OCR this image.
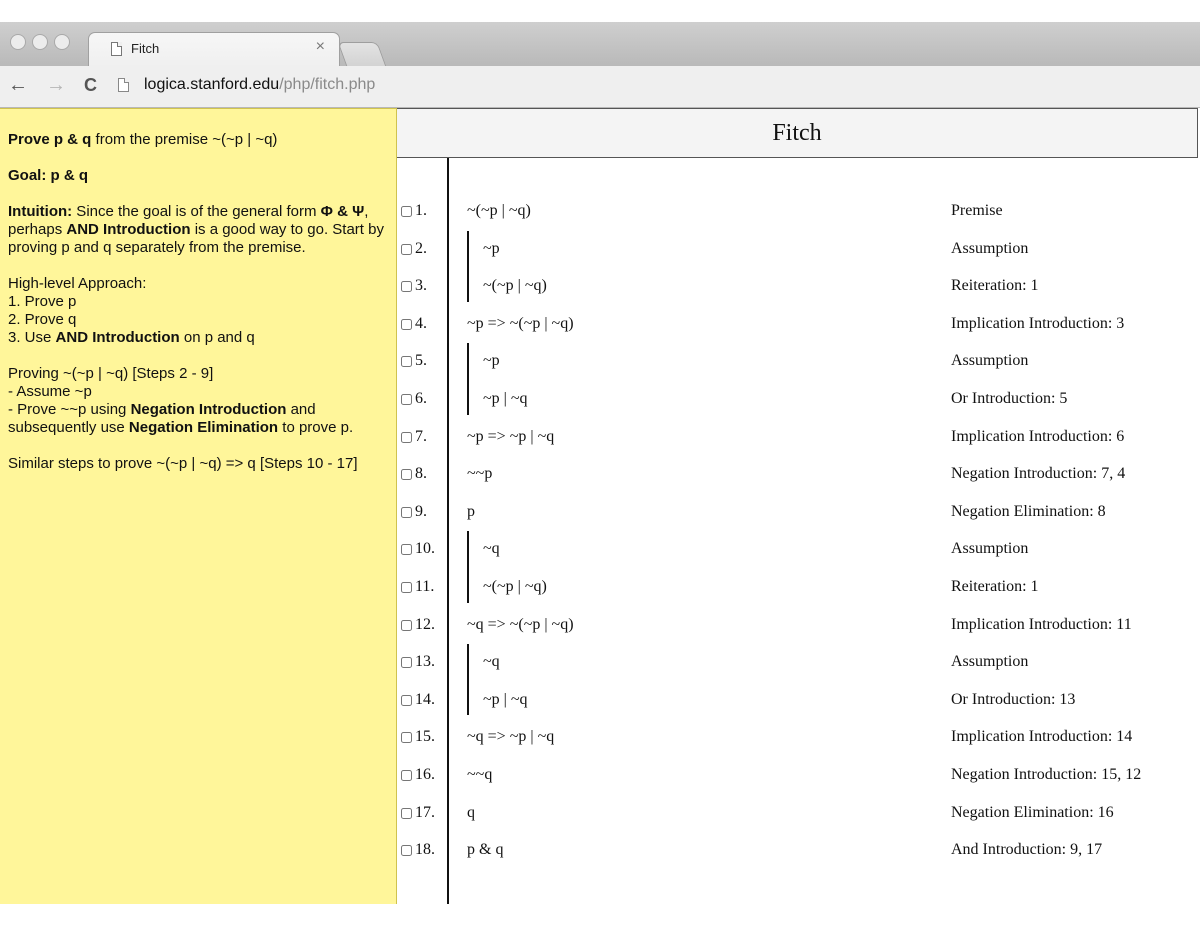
Fitch	×
← → C	logica.stanford.edu/php/fitch.php
Prove p & q from the premise ~(~p | ~q)
Goal: p & q
Intuition: Since the goal is of the general form Φ & Ψ, perhaps AND Introduction is a good way to go. Start by proving p and q separately from the premise.
High-level Approach:
1. Prove p
2. Prove q
3. Use AND Introduction on p and q
Proving ~(~p | ~q) [Steps 2 - 9]
- Assume ~p
- Prove ~~p using Negation Introduction and subsequently use Negation Elimination to prove p.
Similar steps to prove ~(~p | ~q) => q [Steps 10 - 17]
Fitch
1.	~(~p | ~q)	Premise
2.	~p	Assumption
3.	~(~p | ~q)	Reiteration: 1
4.	~p => ~(~p | ~q)	Implication Introduction: 3
5.	~p	Assumption
6.	~p | ~q	Or Introduction: 5
7.	~p => ~p | ~q	Implication Introduction: 6
8.	~~p	Negation Introduction: 7, 4
9.	p	Negation Elimination: 8
10.	~q	Assumption
11.	~(~p | ~q)	Reiteration: 1
12. ~q => ~(~p | ~q)	Implication Introduction: 11
13.	~q	Assumption
14.	~p | ~q	Or Introduction: 13
15. ~q => ~p | ~q	Implication Introduction: 14
16. ~~q	Negation Introduction: 15, 12
17. q	Negation Elimination: 16
18. p & q	And Introduction: 9, 17
